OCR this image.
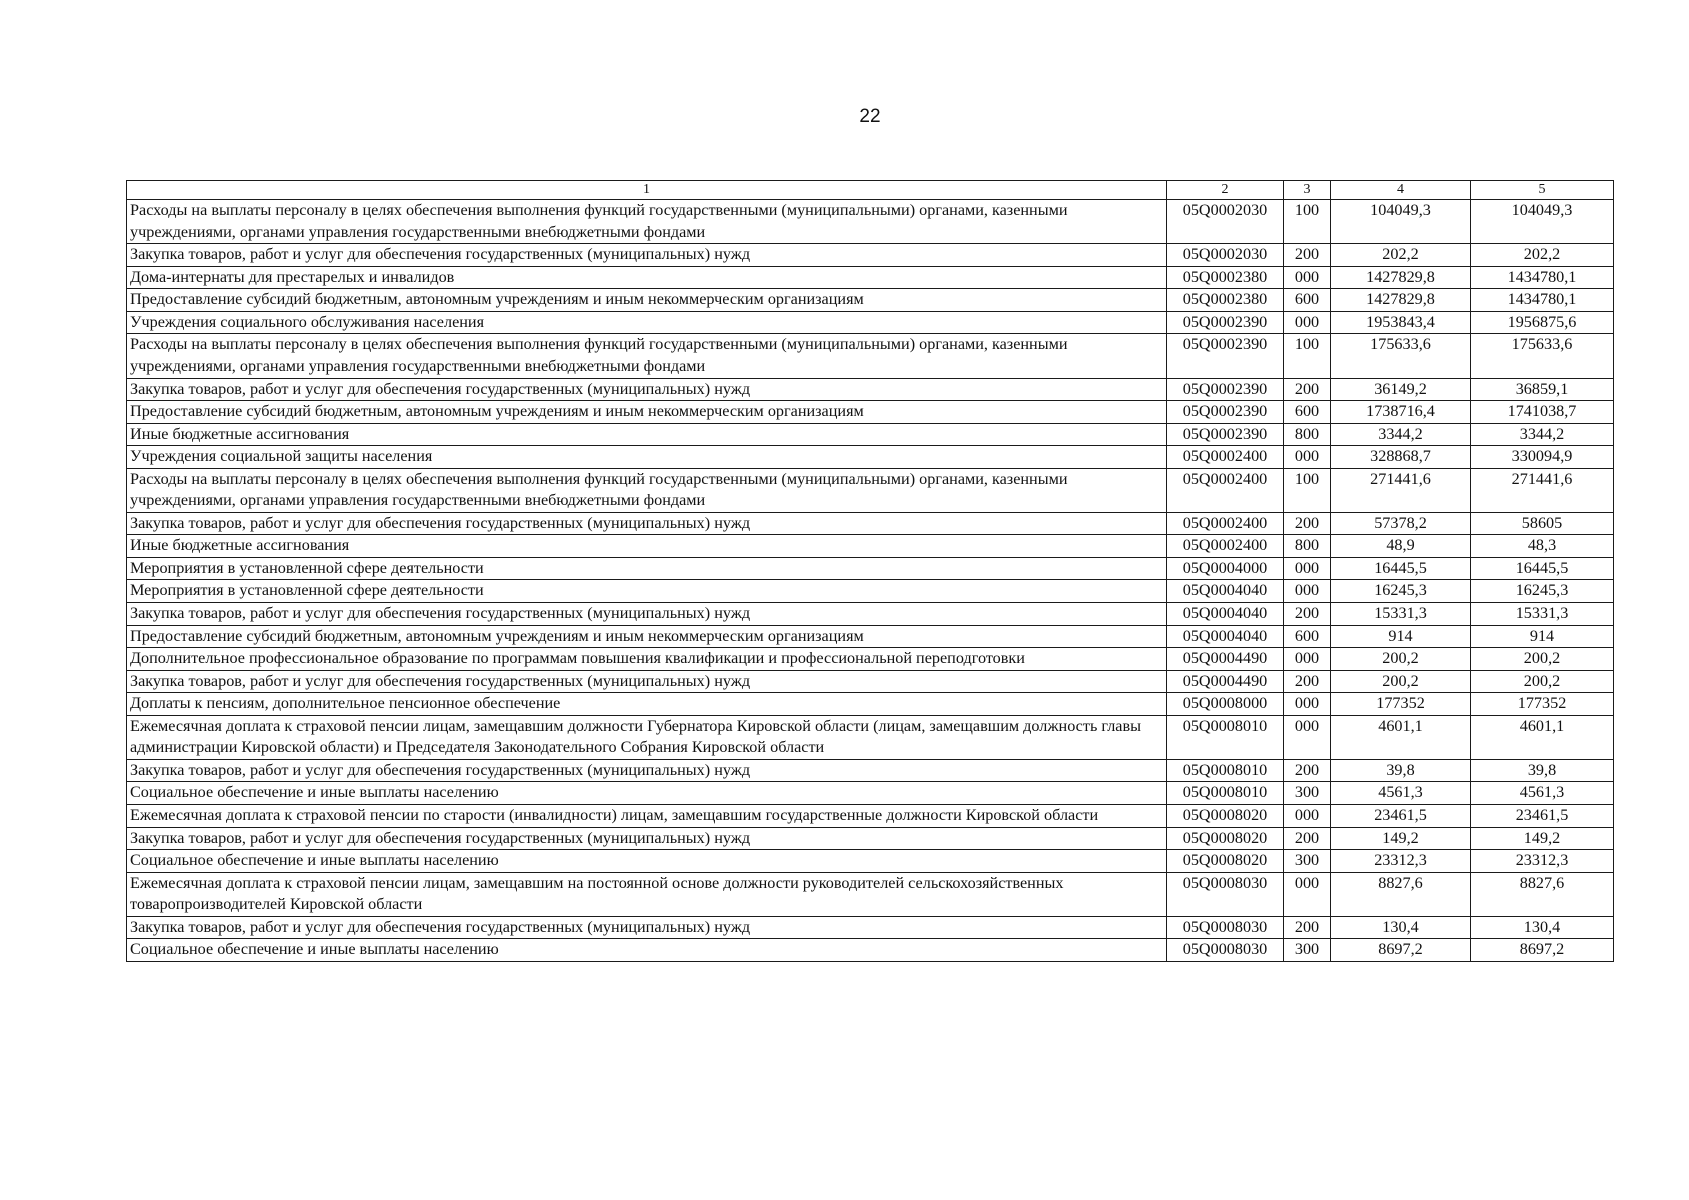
22
1	2	3	4	5
Расходы на выплаты персоналу в целях обеспечения выполнения функций государственными (муниципальными) органами, казенными учреждениями, органами управления государственными внебюджетными фондами	05Q0002030	100	104049,3	104049,3
Закупка товаров, работ и услуг для обеспечения государственных (муниципальных) нужд	05Q0002030	200	202,2	202,2
Дома-интернаты для престарелых и инвалидов	05Q0002380	000	1427829,8	1434780,1
Предоставление субсидий бюджетным, автономным учреждениям и иным некоммерческим организациям	05Q0002380	600	1427829,8	1434780,1
Учреждения социального обслуживания населения	05Q0002390	000	1953843,4	1956875,6
Расходы на выплаты персоналу в целях обеспечения выполнения функций государственными (муниципальными) органами, казенными учреждениями, органами управления государственными внебюджетными фондами	05Q0002390	100	175633,6	175633,6
Закупка товаров, работ и услуг для обеспечения государственных (муниципальных) нужд	05Q0002390	200	36149,2	36859,1
Предоставление субсидий бюджетным, автономным учреждениям и иным некоммерческим организациям	05Q0002390	600	1738716,4	1741038,7
Иные бюджетные ассигнования	05Q0002390	800	3344,2	3344,2
Учреждения социальной защиты населения	05Q0002400	000	328868,7	330094,9
Расходы на выплаты персоналу в целях обеспечения выполнения функций государственными (муниципальными) органами, казенными учреждениями, органами управления государственными внебюджетными фондами	05Q0002400	100	271441,6	271441,6
Закупка товаров, работ и услуг для обеспечения государственных (муниципальных) нужд	05Q0002400	200	57378,2	58605
Иные бюджетные ассигнования	05Q0002400	800	48,9	48,3
Мероприятия в установленной сфере деятельности	05Q0004000	000	16445,5	16445,5
Мероприятия в установленной сфере деятельности	05Q0004040	000	16245,3	16245,3
Закупка товаров, работ и услуг для обеспечения государственных (муниципальных) нужд	05Q0004040	200	15331,3	15331,3
Предоставление субсидий бюджетным, автономным учреждениям и иным некоммерческим организациям	05Q0004040	600	914	914
Дополнительное профессиональное образование по программам повышения квалификации и профессиональной переподготовки	05Q0004490	000	200,2	200,2
Закупка товаров, работ и услуг для обеспечения государственных (муниципальных) нужд	05Q0004490	200	200,2	200,2
Доплаты к пенсиям, дополнительное пенсионное обеспечение	05Q0008000	000	177352	177352
Ежемесячная доплата к страховой пенсии лицам, замещавшим должности Губернатора Кировской области (лицам, замещавшим должность главы администрации Кировской области) и Председателя Законодательного Собрания Кировской области	05Q0008010	000	4601,1	4601,1
Закупка товаров, работ и услуг для обеспечения государственных (муниципальных) нужд	05Q0008010	200	39,8	39,8
Социальное обеспечение и иные выплаты населению	05Q0008010	300	4561,3	4561,3
Ежемесячная доплата к страховой пенсии по старости (инвалидности) лицам, замещавшим государственные должности Кировской области	05Q0008020	000	23461,5	23461,5
Закупка товаров, работ и услуг для обеспечения государственных (муниципальных) нужд	05Q0008020	200	149,2	149,2
Социальное обеспечение и иные выплаты населению	05Q0008020	300	23312,3	23312,3
Ежемесячная доплата к страховой пенсии лицам, замещавшим на постоянной основе должности руководителей сельскохозяйственных товаропроизводителей Кировской области	05Q0008030	000	8827,6	8827,6
Закупка товаров, работ и услуг для обеспечения государственных (муниципальных) нужд	05Q0008030	200	130,4	130,4
Социальное обеспечение и иные выплаты населению	05Q0008030	300	8697,2	8697,2
